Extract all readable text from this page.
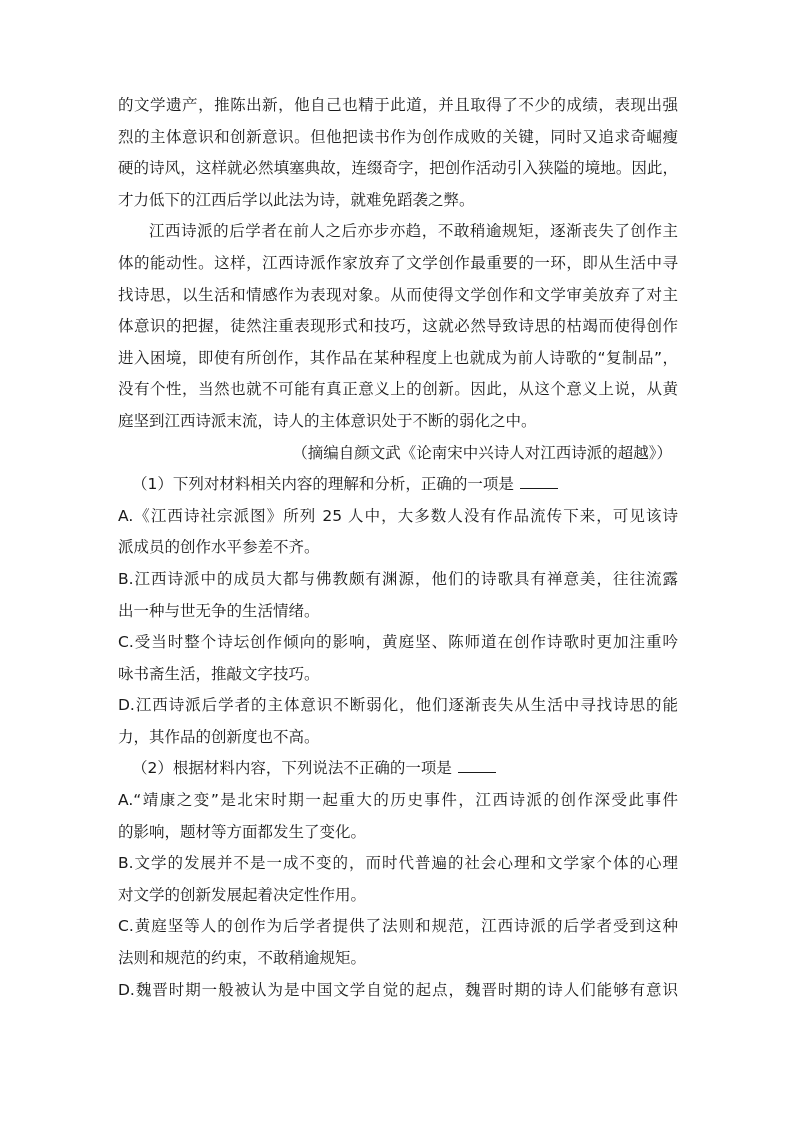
的文学遗产，推陈出新，他自己也精于此道，并且取得了不少的成绩，表现出强
烈的主体意识和创新意识。但他把读书作为创作成败的关键，同时又追求奇崛瘦
硬的诗风，这样就必然填塞典故，连缀奇字，把创作活动引入狭隘的境地。因此，
才力低下的江西后学以此法为诗，就难免蹈袭之弊。
江西诗派的后学者在前人之后亦步亦趋，不敢稍逾规矩，逐渐丧失了创作主
体的能动性。这样，江西诗派作家放弃了文学创作最重要的一环，即从生活中寻
找诗思，以生活和情感作为表现对象。从而使得文学创作和文学审美放弃了对主
体意识的把握，徒然注重表现形式和技巧，这就必然导致诗思的枯竭而使得创作
进入困境，即使有所创作，其作品在某种程度上也就成为前人诗歌的“复制品”，
没有个性，当然也就不可能有真正意义上的创新。因此，从这个意义上说，从黄
庭坚到江西诗派末流，诗人的主体意识处于不断的弱化之中。
（摘编自颜文武《论南宋中兴诗人对江西诗派的超越》）
（1）下列对材料相关内容的理解和分析，正确的一项是
A.《江西诗社宗派图》所列 25 人中，大多数人没有作品流传下来，可见该诗
派成员的创作水平参差不齐。
B.江西诗派中的成员大都与佛教颇有渊源，他们的诗歌具有禅意美，往往流露
出一种与世无争的生活情绪。
C.受当时整个诗坛创作倾向的影响，黄庭坚、陈师道在创作诗歌时更加注重吟
咏书斋生活，推敲文字技巧。
D.江西诗派后学者的主体意识不断弱化，他们逐渐丧失从生活中寻找诗思的能
力，其作品的创新度也不高。
（2）根据材料内容，下列说法不正确的一项是
A.“靖康之变”是北宋时期一起重大的历史事件，江西诗派的创作深受此事件
的影响，题材等方面都发生了变化。
B.文学的发展并不是一成不变的，而时代普遍的社会心理和文学家个体的心理
对文学的创新发展起着决定性作用。
C.黄庭坚等人的创作为后学者提供了法则和规范，江西诗派的后学者受到这种
法则和规范的约束，不敢稍逾规矩。
D.魏晋时期一般被认为是中国文学自觉的起点，魏晋时期的诗人们能够有意识
